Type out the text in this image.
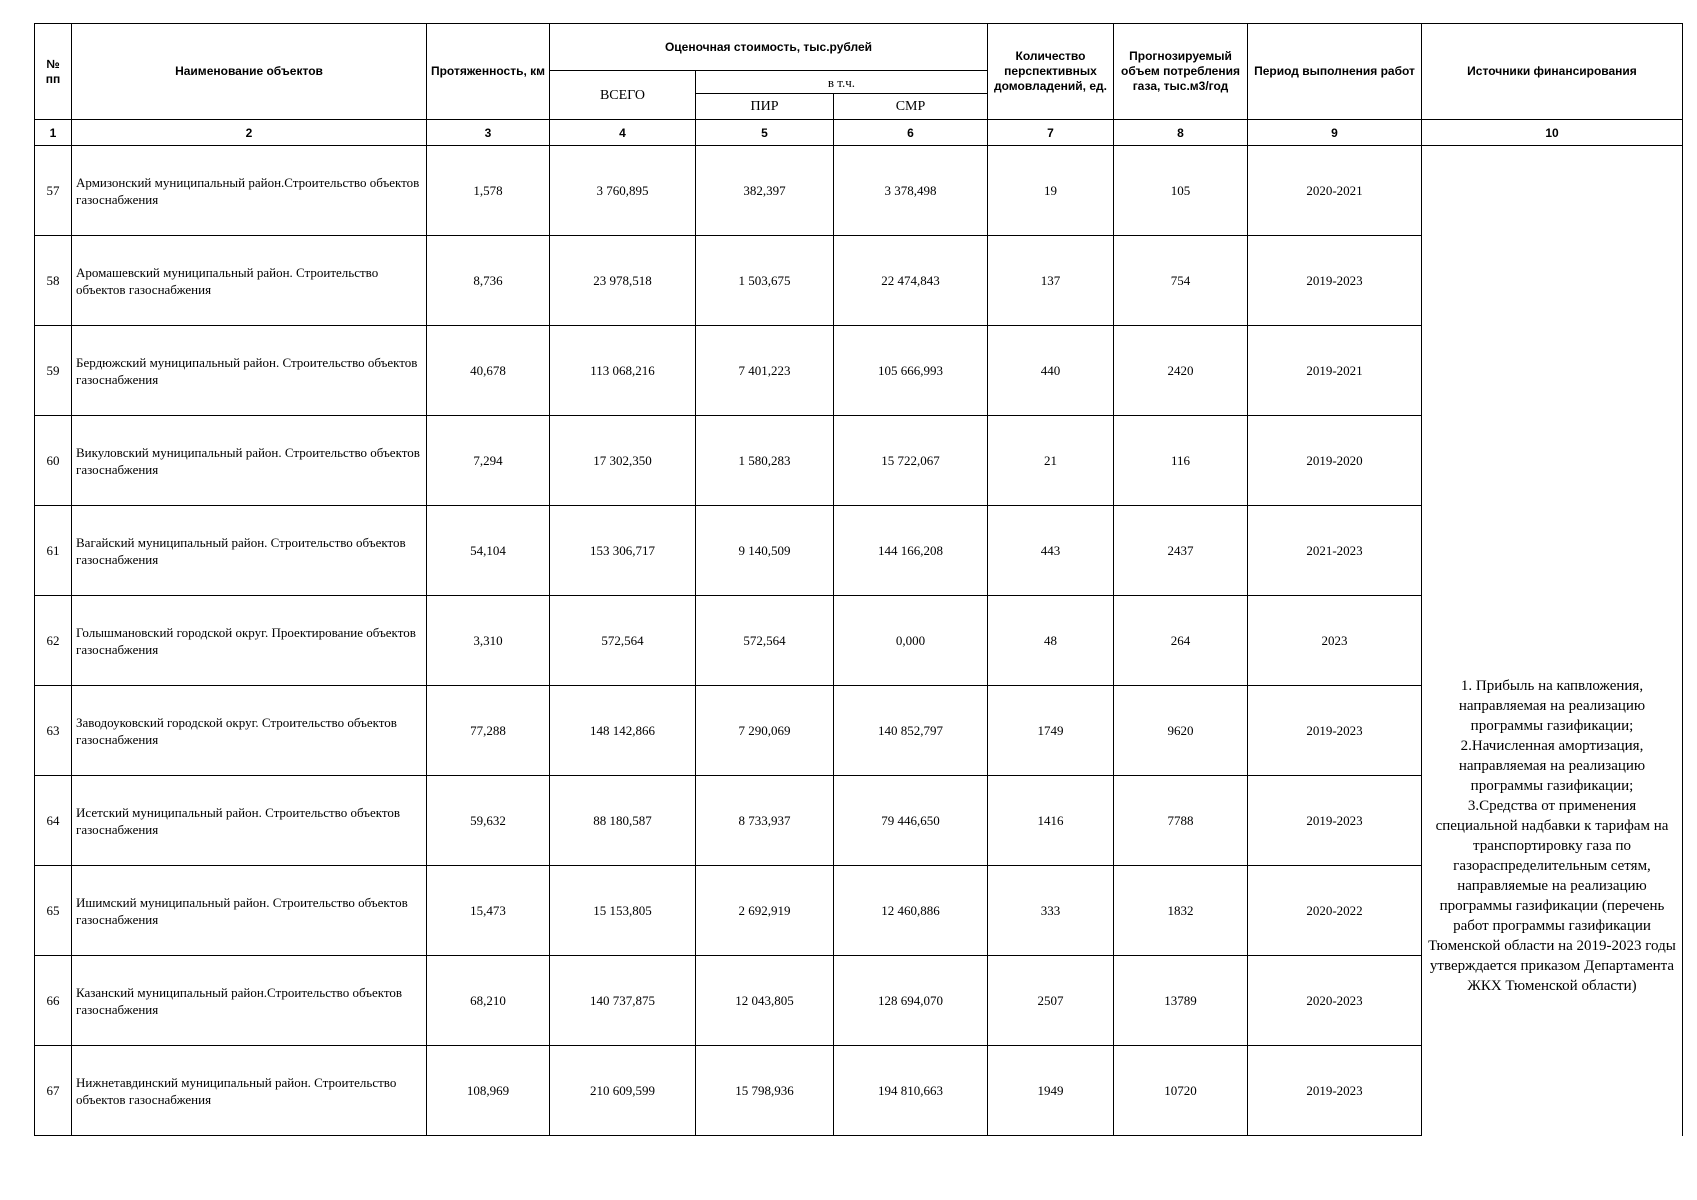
№ пп	Наименование объектов	Протяженность, км	Оценочная стоимость, тыс.рублей			Количество перспективных домовладений, ед.	Прогнозируемый объем потребления газа, тыс.м3/год	Период выполнения работ	Источники финансирования
			ВСЕГО	в т.ч.					
				ПИР	СМР				
1	2	3	4	5	6	7	8	9	10
57	Армизонский муниципальный район.Строительство объектов газоснабжения	1,578	3 760,895	382,397	3 378,498	19	105	2020-2021	1. Прибыль на капвложения, направляемая на реализацию программы газификации;
2.Начисленная амортизация, направляемая на реализацию программы газификации;
3.Средства от применения специальной надбавки к тарифам на транспортировку газа по газораспределительным сетям, направляемые на реализацию программы газификации (перечень работ программы газификации Тюменской области на 2019-2023 годы утверждается приказом Департамента ЖКХ Тюменской области)
58	Аромашевский муниципальный район. Строительство объектов газоснабжения	8,736	23 978,518	1 503,675	22 474,843	137	754	2019-2023	
59	Бердюжский муниципальный район. Строительство объектов газоснабжения	40,678	113 068,216	7 401,223	105 666,993	440	2420	2019-2021	
60	Викуловский муниципальный район. Строительство объектов газоснабжения	7,294	17 302,350	1 580,283	15 722,067	21	116	2019-2020	
61	Вагайский муниципальный район. Строительство объектов газоснабжения	54,104	153 306,717	9 140,509	144 166,208	443	2437	2021-2023	
62	Голышмановский городской округ. Проектирование объектов газоснабжения	3,310	572,564	572,564	0,000	48	264	2023	
63	Заводоуковский городской округ. Строительство объектов газоснабжения	77,288	148 142,866	7 290,069	140 852,797	1749	9620	2019-2023	
64	Исетский муниципальный район. Строительство объектов газоснабжения	59,632	88 180,587	8 733,937	79 446,650	1416	7788	2019-2023	
65	Ишимский муниципальный район. Строительство объектов газоснабжения	15,473	15 153,805	2 692,919	12 460,886	333	1832	2020-2022	
66	Казанский муниципальный район.Строительство объектов газоснабжения	68,210	140 737,875	12 043,805	128 694,070	2507	13789	2020-2023	
67	Нижнетавдинский муниципальный район. Строительство объектов газоснабжения	108,969	210 609,599	15 798,936	194 810,663	1949	10720	2019-2023	
